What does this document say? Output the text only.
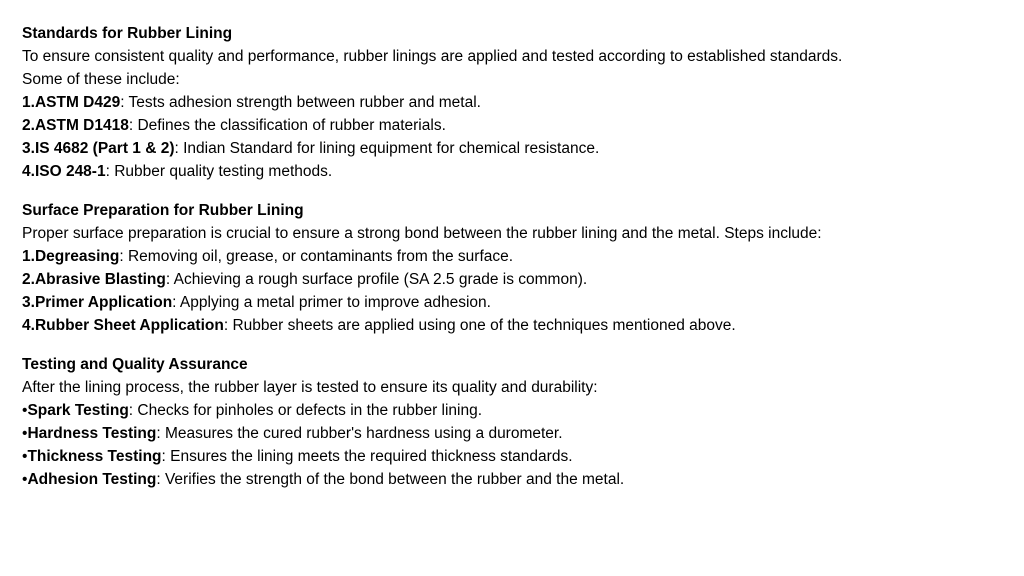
Standards for Rubber Lining
To ensure consistent quality and performance, rubber linings are applied and tested according to established standards.
Some of these include:
1.ASTM D429: Tests adhesion strength between rubber and metal.
2.ASTM D1418: Defines the classification of rubber materials.
3.IS 4682 (Part 1 & 2): Indian Standard for lining equipment for chemical resistance.
4.ISO 248-1: Rubber quality testing methods.
Surface Preparation for Rubber Lining
Proper surface preparation is crucial to ensure a strong bond between the rubber lining and the metal. Steps include:
1.Degreasing: Removing oil, grease, or contaminants from the surface.
2.Abrasive Blasting: Achieving a rough surface profile (SA 2.5 grade is common).
3.Primer Application: Applying a metal primer to improve adhesion.
4.Rubber Sheet Application: Rubber sheets are applied using one of the techniques mentioned above.
Testing and Quality Assurance
After the lining process, the rubber layer is tested to ensure its quality and durability:
•Spark Testing: Checks for pinholes or defects in the rubber lining.
•Hardness Testing: Measures the cured rubber's hardness using a durometer.
•Thickness Testing: Ensures the lining meets the required thickness standards.
•Adhesion Testing: Verifies the strength of the bond between the rubber and the metal.
